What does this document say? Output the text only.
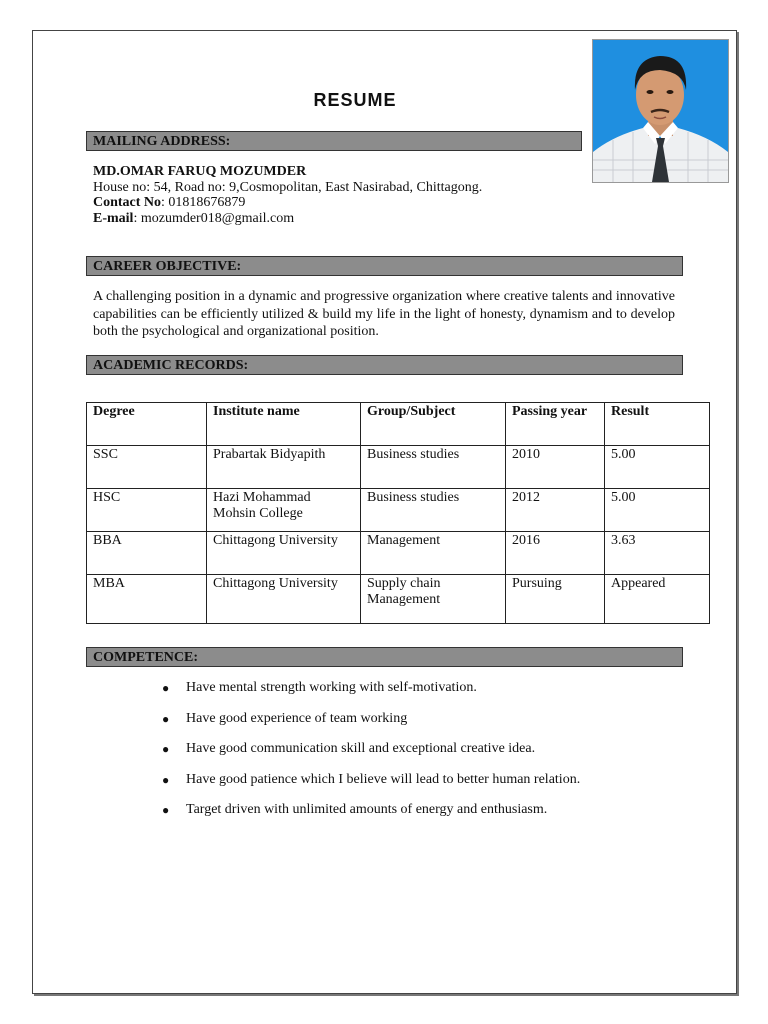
RESUME
MAILING ADDRESS:
MD.OMAR FARUQ MOZUMDER
House no: 54, Road no: 9,Cosmopolitan, East Nasirabad, Chittagong.
Contact No: 01818676879
E-mail: mozumder018@gmail.com
CAREER OBJECTIVE:
A challenging position in a dynamic and progressive organization where creative talents and innovative capabilities can be efficiently utilized & build my life in the light of honesty, dynamism and to develop both the psychological and organizational position.
ACADEMIC RECORDS:
Degree	Institute name	Group/Subject	Passing year	Result
SSC	Prabartak Bidyapith	Business studies	2010	5.00
HSC	Hazi Mohammad Mohsin College	Business studies	2012	5.00
BBA	Chittagong University	Management	2016	3.63
MBA	Chittagong University	Supply chain Management	Pursuing	Appeared
COMPETENCE:
● Have mental strength working with self-motivation.
● Have good experience of team working
● Have good communication skill and exceptional creative idea.
● Have good patience which I believe will lead to better human relation.
● Target driven with unlimited amounts of energy and enthusiasm.
